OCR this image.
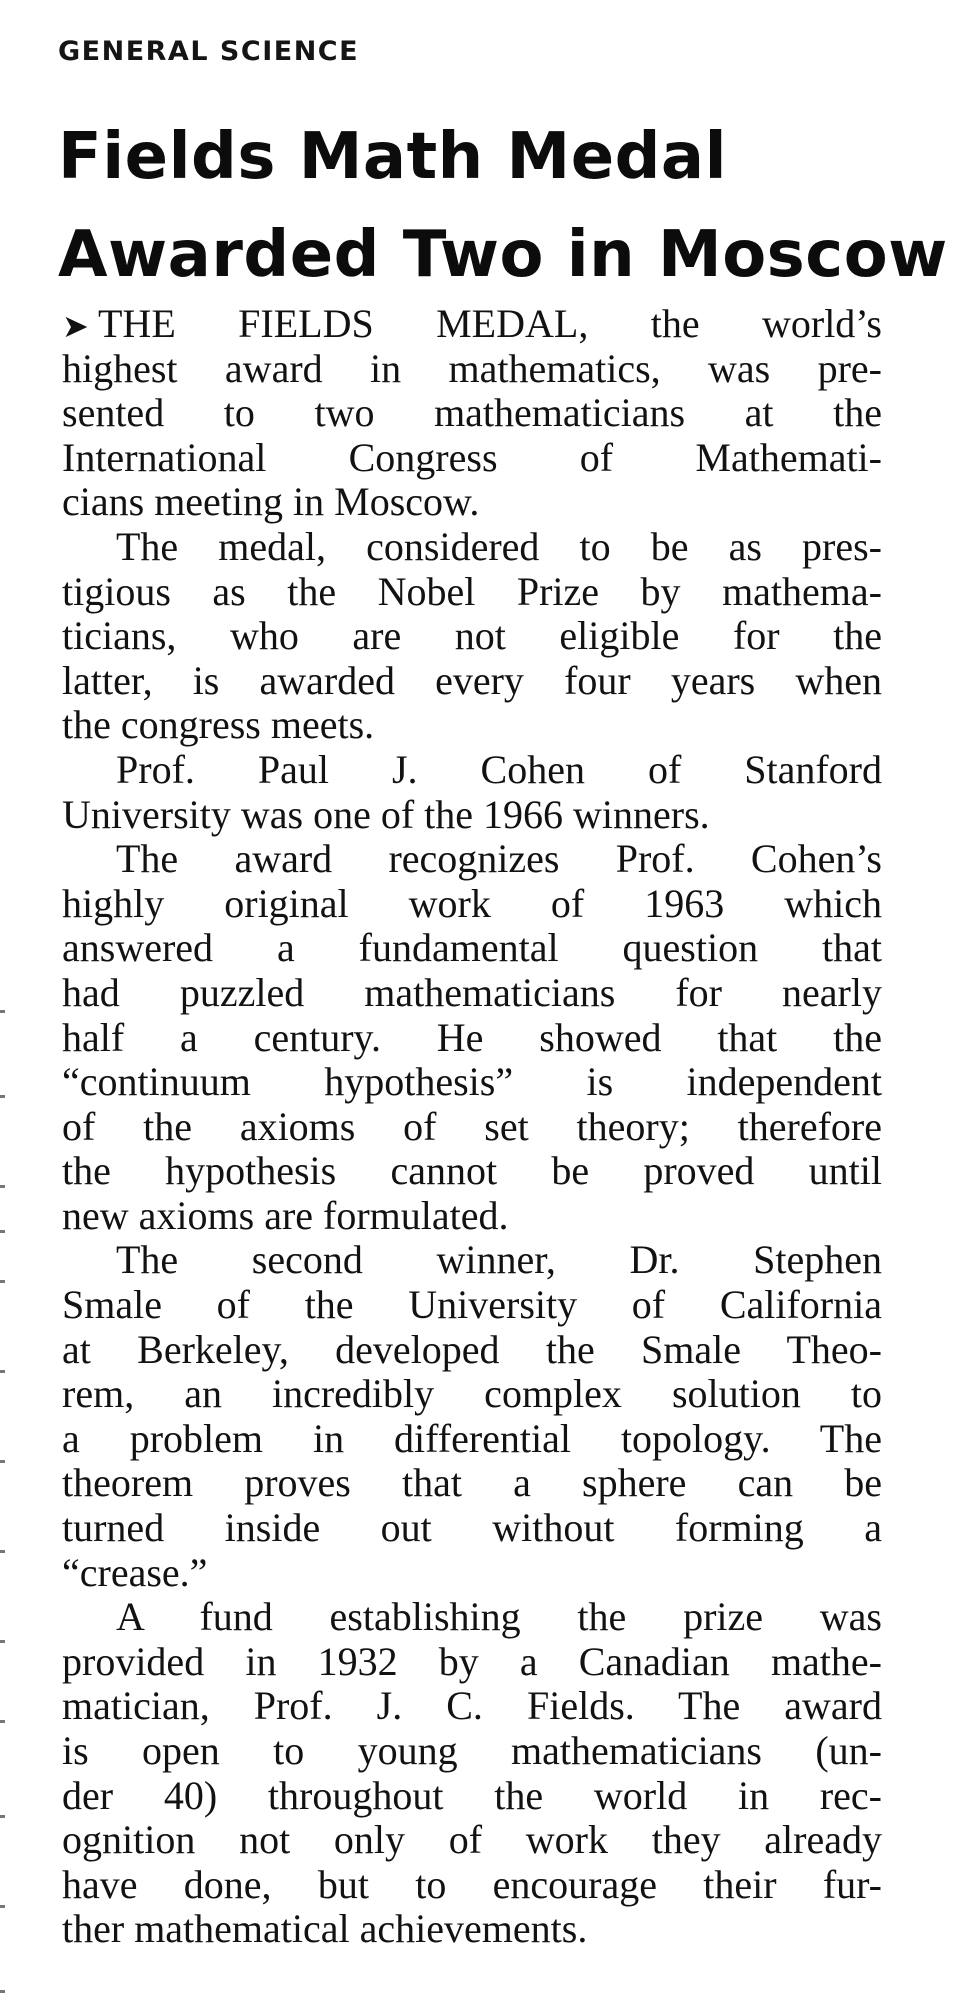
GENERAL SCIENCE
Fields Math Medal
Awarded Two in Moscow
➤ THE FIELDS MEDAL, the world’s
highest award in mathematics, was pre-
sented to two mathematicians at the
International Congress of Mathemati-
cians meeting in Moscow.
The medal, considered to be as pres-
tigious as the Nobel Prize by mathema-
ticians, who are not eligible for the
latter, is awarded every four years when
the congress meets.
Prof. Paul J. Cohen of Stanford
University was one of the 1966 winners.
The award recognizes Prof. Cohen’s
highly original work of 1963 which
answered a fundamental question that
had puzzled mathematicians for nearly
half a century. He showed that the
“continuum hypothesis” is independent
of the axioms of set theory; therefore
the hypothesis cannot be proved until
new axioms are formulated.
The second winner, Dr. Stephen
Smale of the University of California
at Berkeley, developed the Smale Theo-
rem, an incredibly complex solution to
a problem in differential topology. The
theorem proves that a sphere can be
turned inside out without forming a
“crease.”
A fund establishing the prize was
provided in 1932 by a Canadian mathe-
matician, Prof. J. C. Fields. The award
is open to young mathematicians (un-
der 40) throughout the world in rec-
ognition not only of work they already
have done, but to encourage their fur-
ther mathematical achievements.
